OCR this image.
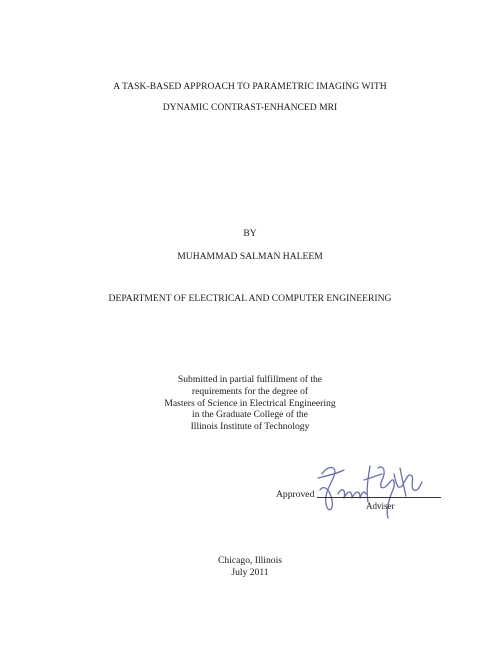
A TASK-BASED APPROACH TO PARAMETRIC IMAGING WITH
DYNAMIC CONTRAST-ENHANCED MRI
BY
MUHAMMAD SALMAN HALEEM
DEPARTMENT OF ELECTRICAL AND COMPUTER ENGINEERING
Submitted in partial fulfillment of the
requirements for the degree of
Masters of Science in Electrical Engineering
in the Graduate College of the
Illinois Institute of Technology
Approved
Adviser
Chicago, Illinois
July 2011
